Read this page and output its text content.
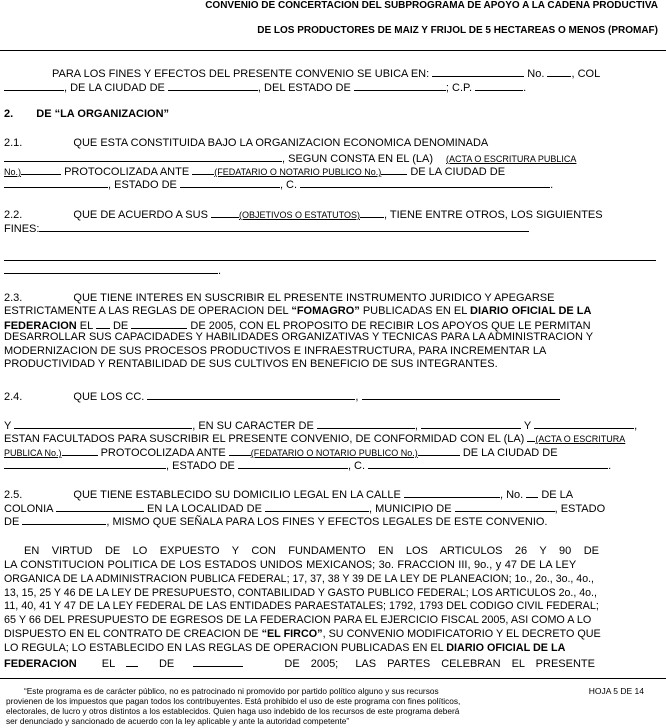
CONVENIO DE CONCERTACION DEL SUBPROGRAMA DE APOYO A LA CADENA PRODUCTIVA
DE LOS PRODUCTORES DE MAIZ Y FRIJOL DE 5 HECTAREAS O MENOS (PROMAF)
PARA LOS FINES Y EFECTOS DEL PRESENTE CONVENIO SE UBICA EN:	No. , COL
, DE LA CIUDAD DE	, DEL ESTADO DE	; C.P.	.
2. DE “LA ORGANIZACION”
2.1.	QUE ESTA CONSTITUIDA BAJO LA ORGANIZACION ECONOMICA DENOMINADA
, SEGUN CONSTA EN EL (LA) (ACTA O ESCRITURA PUBLICA
No.)	PROTOCOLIZADA ANTE	(FEDATARIO O NOTARIO PUBLICO No.)	DE LA CIUDAD DE
, ESTADO DE	, C.	.
2.2.	QUE DE ACUERDO A SUS	(OBJETIVOS O ESTATUTOS) , TIENE ENTRE OTROS, LOS SIGUIENTES
FINES:
.
2.3.	QUE TIENE INTERES EN SUSCRIBIR EL PRESENTE INSTRUMENTO JURIDICO Y APEGARSE
ESTRICTAMENTE A LAS REGLAS DE OPERACION DEL “FOMAGRO” PUBLICADAS EN EL DIARIO OFICIAL DE LA
FEDERACION EL DE	DE 2005, CON EL PROPOSITO DE RECIBIR LOS APOYOS QUE LE PERMITAN
DESARROLLAR SUS CAPACIDADES Y HABILIDADES ORGANIZATIVAS Y TECNICAS PARA LA ADMINISTRACION Y
MODERNIZACION DE SUS PROCESOS PRODUCTIVOS E INFRAESTRUCTURA, PARA INCREMENTAR LA
PRODUCTIVIDAD Y RENTABILIDAD DE SUS CULTIVOS EN BENEFICIO DE SUS INTEGRANTES.
2.4.	QUE LOS CC.	,
Y	, EN SU CARACTER DE	,	Y	,
ESTAN FACULTADOS PARA SUSCRIBIR EL PRESENTE CONVENIO, DE CONFORMIDAD CON EL (LA) (ACTA O ESCRITURA
PUBLICA No.)	PROTOCOLIZADA ANTE	(FEDATARIO O NOTARIO PUBLICO No.)	DE LA CIUDAD DE
, ESTADO DE	, C.	.
2.5.	QUE TIENE ESTABLECIDO SU DOMICILIO LEGAL EN LA CALLE	, No. DE LA
COLONIA	EN LA LOCALIDAD DE	, MUNICIPIO DE	, ESTADO
DE	, MISMO QUE SEÑALA PARA LOS FINES Y EFECTOS LEGALES DE ESTE CONVENIO.
EN VIRTUD DE LO EXPUESTO Y CON FUNDAMENTO EN LOS ARTICULOS 26 Y 90 DE
LA CONSTITUCION POLITICA DE LOS ESTADOS UNIDOS MEXICANOS; 3o. FRACCION III, 9o., y 47 DE LA LEY
ORGANICA DE LA ADMINISTRACION PUBLICA FEDERAL; 17, 37, 38 Y 39 DE LA LEY DE PLANEACION; 1o., 2o., 3o., 4o.,
13, 15, 25 Y 46 DE LA LEY DE PRESUPUESTO, CONTABILIDAD Y GASTO PUBLICO FEDERAL; LOS ARTICULOS 2o., 4o.,
11, 40, 41 Y 47 DE LA LEY FEDERAL DE LAS ENTIDADES PARAESTATALES; 1792, 1793 DEL CODIGO CIVIL FEDERAL;
65 Y 66 DEL PRESUPUESTO DE EGRESOS DE LA FEDERACION PARA EL EJERCICIO FISCAL 2005, ASI COMO A LO
DISPUESTO EN EL CONTRATO DE CREACION DE “EL FIRCO”, SU CONVENIO MODIFICATORIO Y EL DECRETO QUE
LO REGULA; LO ESTABLECIDO EN LAS REGLAS DE OPERACION PUBLICADAS EN EL DIARIO OFICIAL DE LA
FEDERACION EL	DE	DE 2005; LAS PARTES CELEBRAN EL PRESENTE
“Este programa es de carácter público, no es patrocinado ni promovido por partido político alguno y sus recursos
provienen de los impuestos que pagan todos los contribuyentes. Está prohibido el uso de este programa con fines políticos,
electorales, de lucro y otros distintos a los establecidos. Quien haga uso indebido de los recursos de este programa deberá
ser denunciado y sancionado de acuerdo con la ley aplicable y ante la autoridad competente”
HOJA 5 DE 14
